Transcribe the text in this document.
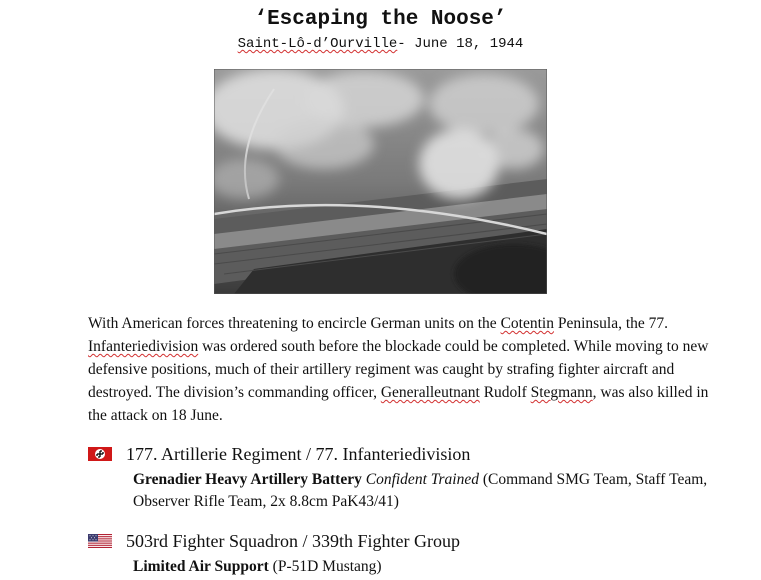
‘Escaping the Noose’
Saint-Lô-d’Ourville- June 18, 1944

With American forces threatening to encircle German units on the Cotentin Peninsula, the 77. Infanteriedivision was ordered south before the blockade could be completed. While moving to new defensive positions, much of their artillery regiment was caught by strafing fighter aircraft and destroyed. The division’s commanding officer, Generalleutnant Rudolf Stegmann, was also killed in the attack on 18 June.

177. Artillerie Regiment / 77. Infanteriedivision
Grenadier Heavy Artillery Battery Confident Trained (Command SMG Team, Staff Team, Observer Rifle Team, 2x 8.8cm PaK43/41)
503rd Fighter Squadron / 339th Fighter Group
Limited Air Support (P-51D Mustang)
